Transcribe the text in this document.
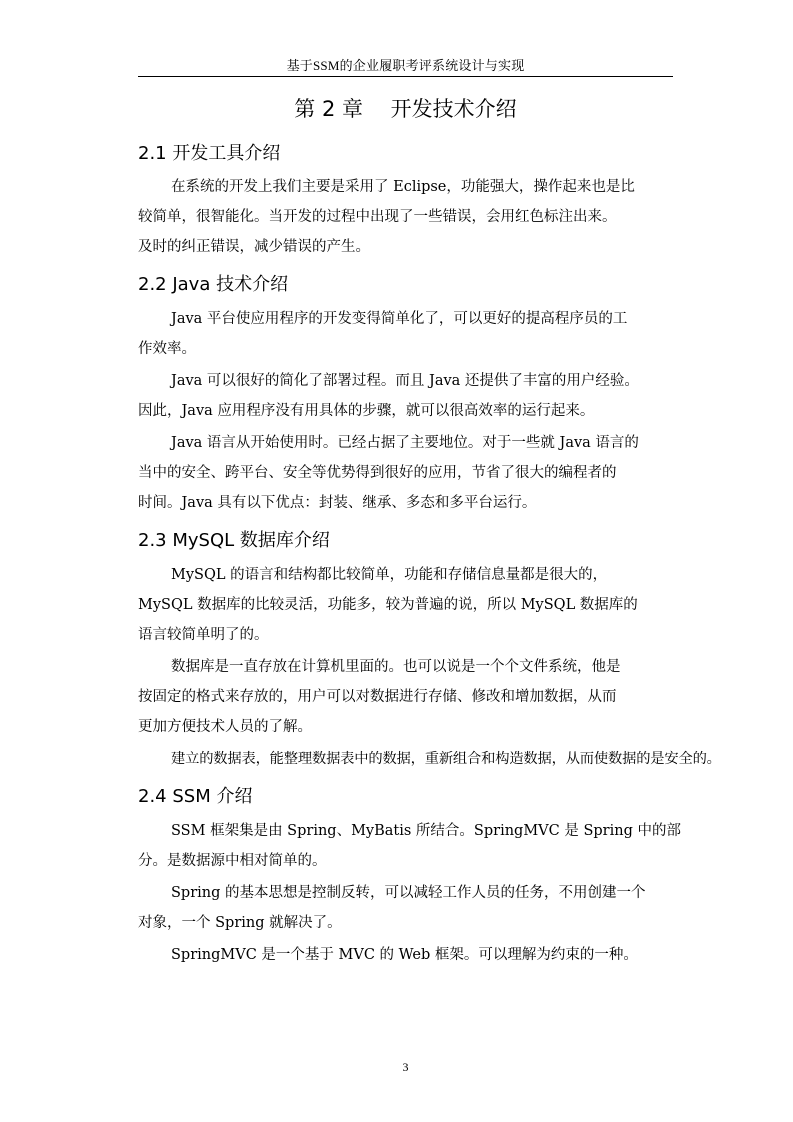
基于SSM的企业履职考评系统设计与实现
第 2 章　 开发技术介绍
2.1 开发工具介绍
在系统的开发上我们主要是采用了 Eclipse，功能强大，操作起来也是比
较简单，很智能化。当开发的过程中出现了一些错误，会用红色标注出来。
及时的纠正错误，减少错误的产生。
2.2 Java 技术介绍
Java 平台使应用程序的开发变得简单化了，可以更好的提高程序员的工
作效率。
Java 可以很好的简化了部署过程。而且 Java 还提供了丰富的用户经验。
因此，Java 应用程序没有用具体的步骤，就可以很高效率的运行起来。
Java 语言从开始使用时。已经占据了主要地位。对于一些就 Java 语言的
当中的安全、跨平台、安全等优势得到很好的应用，节省了很大的编程者的
时间。Java 具有以下优点：封装、继承、多态和多平台运行。
2.3 MySQL 数据库介绍
MySQL 的语言和结构都比较简单，功能和存储信息量都是很大的，
MySQL 数据库的比较灵活，功能多，较为普遍的说，所以 MySQL 数据库的
语言较简单明了的。
数据库是一直存放在计算机里面的。也可以说是一个个文件系统，他是
按固定的格式来存放的，用户可以对数据进行存储、修改和增加数据，从而
更加方便技术人员的了解。
建立的数据表，能整理数据表中的数据，重新组合和构造数据，从而使数据的是安全的。
2.4 SSM 介绍
SSM 框架集是由 Spring、MyBatis 所结合。SpringMVC 是 Spring 中的部
分。是数据源中相对简单的。
Spring 的基本思想是控制反转，可以减轻工作人员的任务，不用创建一个
对象，一个 Spring 就解决了。
SpringMVC 是一个基于 MVC 的 Web 框架。可以理解为约束的一种。
3
